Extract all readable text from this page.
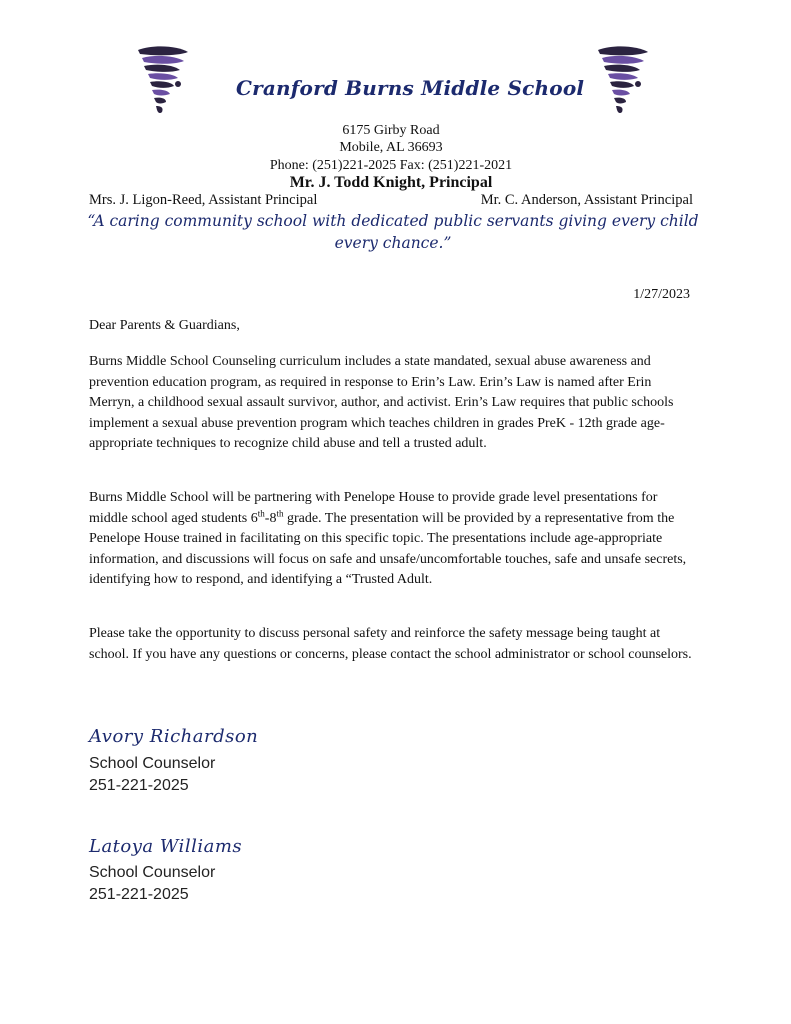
Cranford Burns Middle School
6175 Girby Road
Mobile, AL 36693
Phone: (251)221-2025 Fax: (251)221-2021
Mr. J. Todd Knight, Principal
Mrs. J. Ligon-Reed, Assistant Principal	Mr. C. Anderson, Assistant Principal
“A caring community school with dedicated public servants giving every child every chance.”
1/27/2023
Dear Parents & Guardians,

Burns Middle School Counseling curriculum includes a state mandated, sexual abuse awareness and prevention education program, as required in response to Erin’s Law. Erin’s Law is named after Erin Merryn, a childhood sexual assault survivor, author, and activist. Erin’s Law requires that public schools implement a sexual abuse prevention program which teaches children in grades PreK - 12th grade age- appropriate techniques to recognize child abuse and tell a trusted adult.

Burns Middle School will be partnering with Penelope House to provide grade level presentations for middle school aged students 6th-8th grade. The presentation will be provided by a representative from the Penelope House trained in facilitating on this specific topic. The presentations include age-appropriate information, and discussions will focus on safe and unsafe/uncomfortable touches, safe and unsafe secrets, identifying how to respond, and identifying a “Trusted Adult.

Please take the opportunity to discuss personal safety and reinforce the safety message being taught at school. If you have any questions or concerns, please contact the school administrator or school counselors.

Avory Richardson
School Counselor
251-221-2025
Latoya Williams
School Counselor
251-221-2025
